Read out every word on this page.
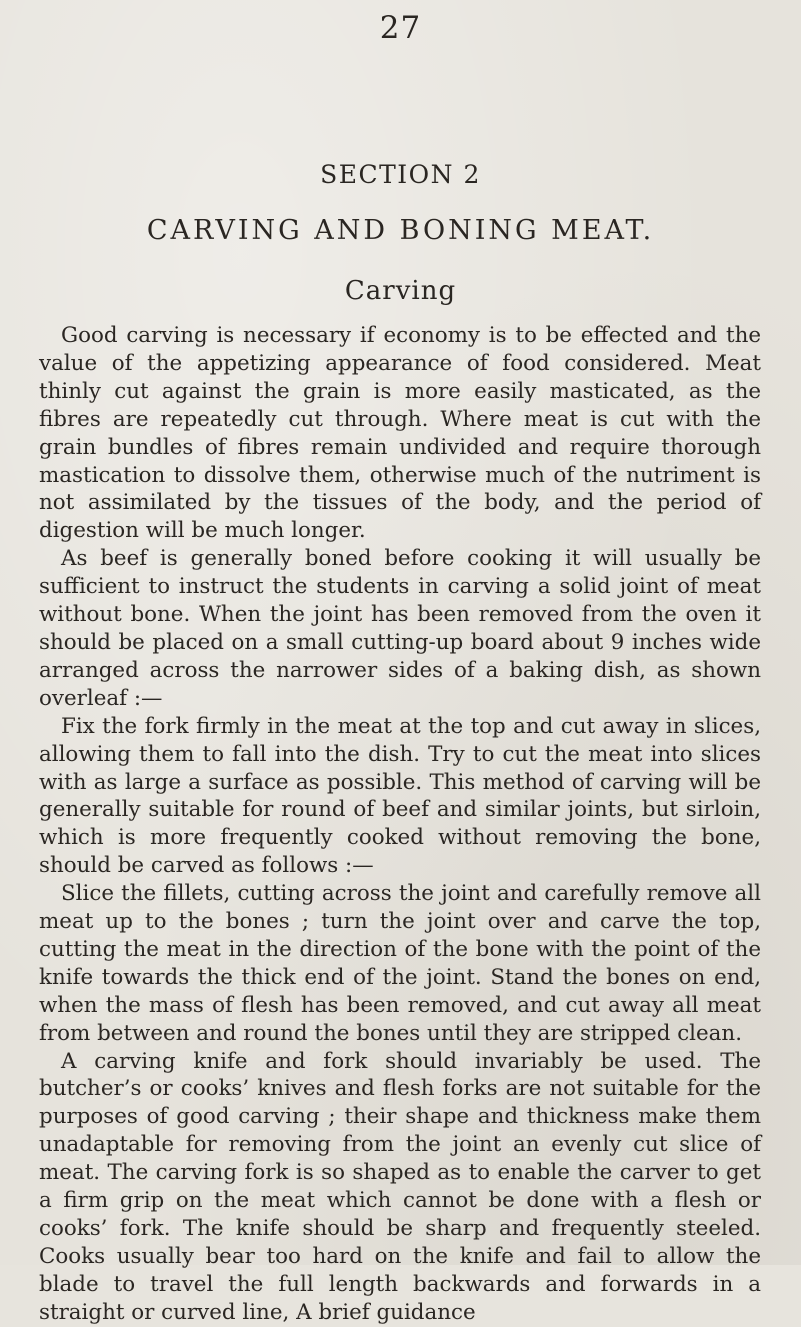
27
SECTION 2
CARVING AND BONING MEAT.
Carving

Good carving is necessary if economy is to be effected and the value of the appetizing appearance of food considered. Meat thinly cut against the grain is more easily masticated, as the fibres are repeatedly cut through. Where meat is cut with the grain bundles of fibres remain undivided and require thorough mastication to dissolve them, otherwise much of the nutriment is not assimilated by the tissues of the body, and the period of digestion will be much longer.

As beef is generally boned before cooking it will usually be sufficient to instruct the students in carving a solid joint of meat without bone. When the joint has been removed from the oven it should be placed on a small cutting-up board about 9 inches wide arranged across the narrower sides of a baking dish, as shown overleaf :—

Fix the fork firmly in the meat at the top and cut away in slices, allowing them to fall into the dish. Try to cut the meat into slices with as large a surface as possible. This method of carving will be generally suitable for round of beef and similar joints, but sirloin, which is more frequently cooked without removing the bone, should be carved as follows :—

Slice the fillets, cutting across the joint and carefully remove all meat up to the bones ; turn the joint over and carve the top, cutting the meat in the direction of the bone with the point of the knife towards the thick end of the joint. Stand the bones on end, when the mass of flesh has been removed, and cut away all meat from between and round the bones until they are stripped clean.

A carving knife and fork should invariably be used. The butcher’s or cooks’ knives and flesh forks are not suitable for the purposes of good carving ; their shape and thickness make them unadaptable for removing from the joint an evenly cut slice of meat. The carving fork is so shaped as to enable the carver to get a firm grip on the meat which cannot be done with a flesh or cooks’ fork. The knife should be sharp and frequently steeled. Cooks usually bear too hard on the knife and fail to allow the blade to travel the full length backwards and forwards in a straight or curved line, A brief guidance
